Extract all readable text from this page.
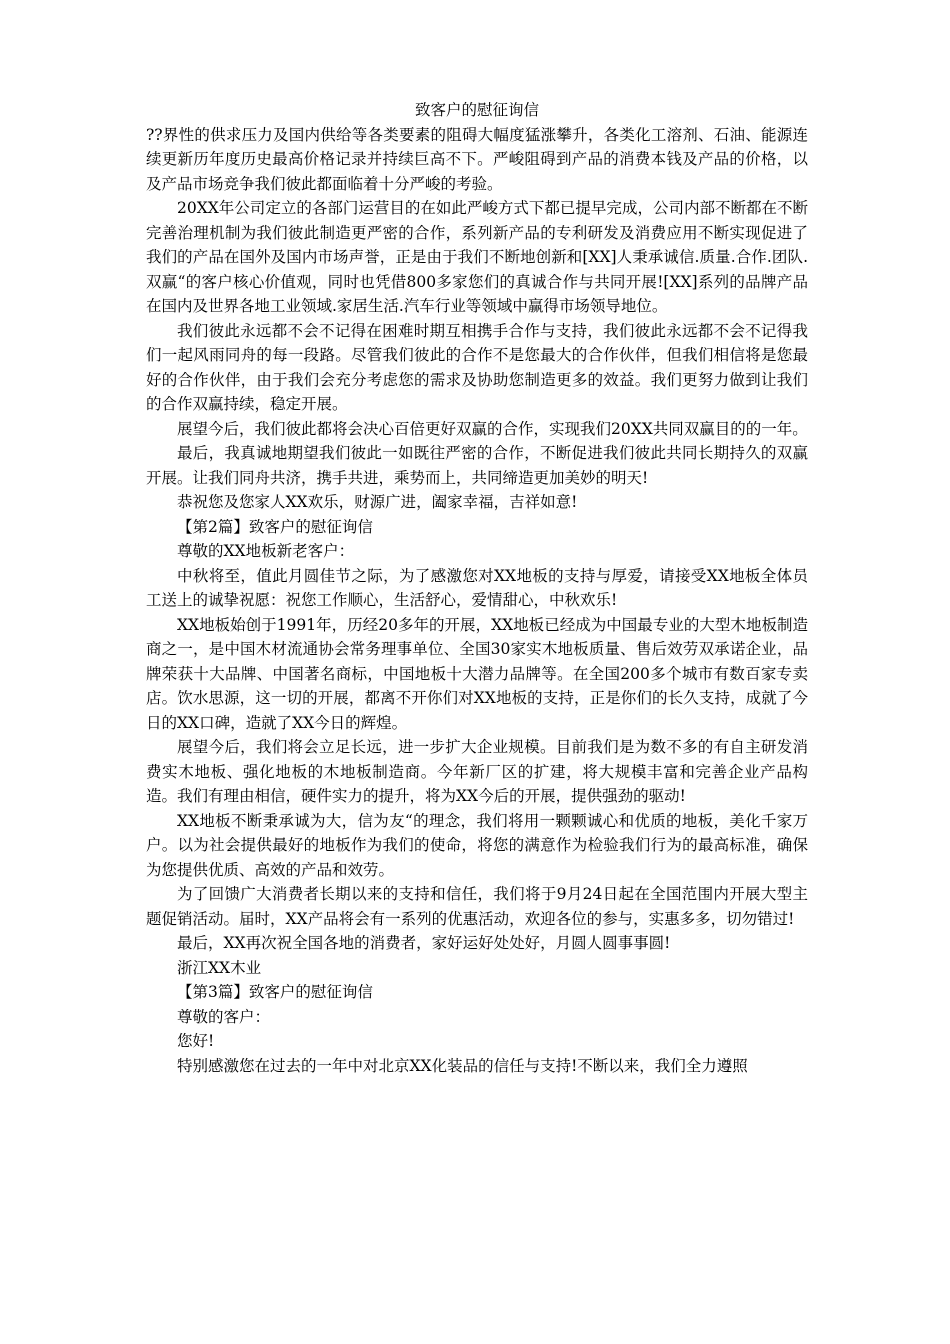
致客户的慰征询信

??界性的供求压力及国内供给等各类要素的阻碍大幅度猛涨攀升，各类化工溶剂、石油、能源连续更新历年度历史最高价格记录并持续巨高不下。严峻阻碍到产品的消费本钱及产品的价格，以及产品市场竞争我们彼此都面临着十分严峻的考验。

20XX年公司定立的各部门运营目的在如此严峻方式下都已提早完成，公司内部不断都在不断完善治理机制为我们彼此制造更严密的合作，系列新产品的专利研发及消费应用不断实现促进了我们的产品在国外及国内市场声誉，正是由于我们不断地创新和[XX]人秉承诚信.质量.合作.团队.双赢“的客户核心价值观，同时也凭借800多家您们的真诚合作与共同开展![XX]系列的品牌产品在国内及世界各地工业领域.家居生活.汽车行业等领域中赢得市场领导地位。

我们彼此永远都不会不记得在困难时期互相携手合作与支持，我们彼此永远都不会不记得我们一起风雨同舟的每一段路。尽管我们彼此的合作不是您最大的合作伙伴，但我们相信将是您最好的合作伙伴，由于我们会充分考虑您的需求及协助您制造更多的效益。我们更努力做到让我们的合作双赢持续，稳定开展。

展望今后，我们彼此都将会决心百倍更好双赢的合作，实现我们20XX共同双赢目的的一年。

最后，我真诚地期望我们彼此一如既往严密的合作，不断促进我们彼此共同长期持久的双赢开展。让我们同舟共济，携手共进，乘势而上，共同缔造更加美妙的明天!

恭祝您及您家人XX欢乐，财源广进，阖家幸福，吉祥如意!

【第2篇】致客户的慰征询信

尊敬的XX地板新老客户：

中秋将至，值此月圆佳节之际，为了感激您对XX地板的支持与厚爱，请接受XX地板全体员工送上的诚挚祝愿：祝您工作顺心，生活舒心，爱情甜心，中秋欢乐!

XX地板始创于1991年，历经20多年的开展，XX地板已经成为中国最专业的大型木地板制造商之一，是中国木材流通协会常务理事单位、全国30家实木地板质量、售后效劳双承诺企业，品牌荣获十大品牌、中国著名商标，中国地板十大潜力品牌等。在全国200多个城市有数百家专卖店。饮水思源，这一切的开展，都离不开你们对XX地板的支持，正是你们的长久支持，成就了今日的XX口碑，造就了XX今日的辉煌。

展望今后，我们将会立足长远，进一步扩大企业规模。目前我们是为数不多的有自主研发消费实木地板、强化地板的木地板制造商。今年新厂区的扩建，将大规模丰富和完善企业产品构造。我们有理由相信，硬件实力的提升，将为XX今后的开展，提供强劲的驱动!

XX地板不断秉承诚为大，信为友“的理念，我们将用一颗颗诚心和优质的地板，美化千家万户。以为社会提供最好的地板作为我们的使命，将您的满意作为检验我们行为的最高标准，确保为您提供优质、高效的产品和效劳。

为了回馈广大消费者长期以来的支持和信任，我们将于9月24日起在全国范围内开展大型主题促销活动。届时，XX产品将会有一系列的优惠活动，欢迎各位的参与，实惠多多，切勿错过!

最后，XX再次祝全国各地的消费者，家好运好处处好，月圆人圆事事圆!

浙江XX木业

【第3篇】致客户的慰征询信

尊敬的客户：

您好!

特别感激您在过去的一年中对北京XX化装品的信任与支持!不断以来，我们全力遵照
